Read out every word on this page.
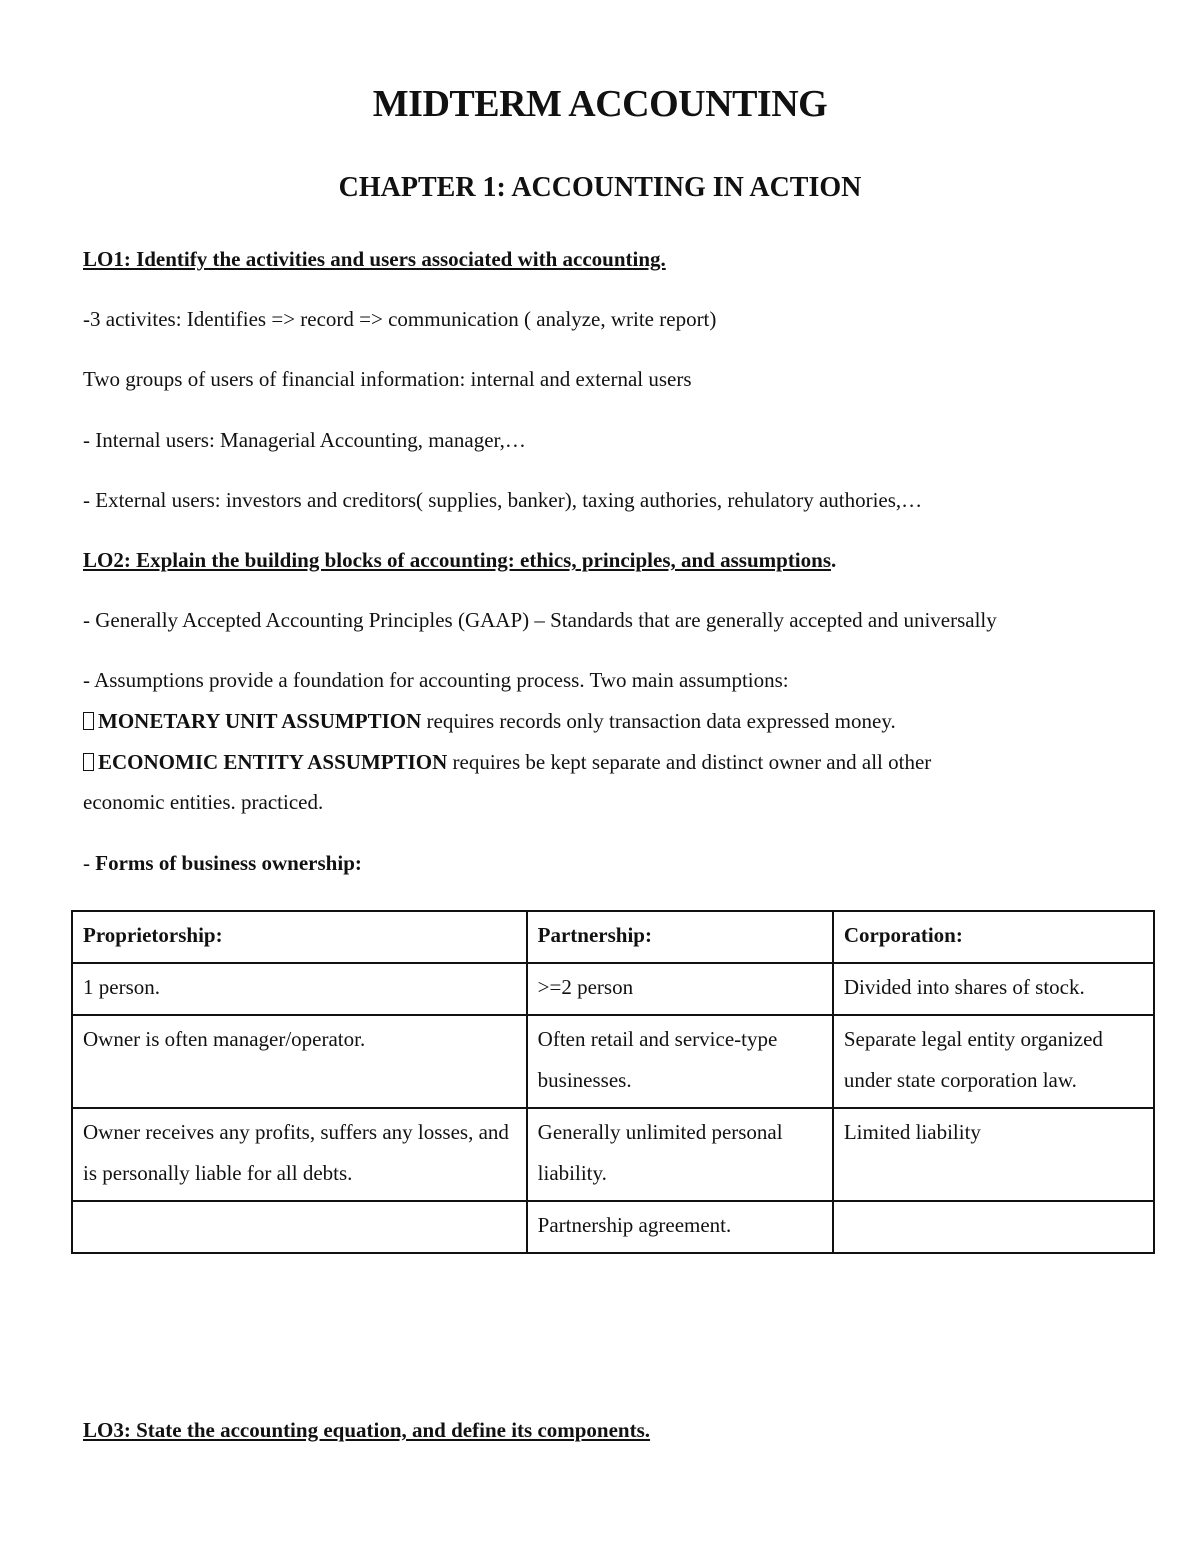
MIDTERM ACCOUNTING
CHAPTER 1: ACCOUNTING IN ACTION
LO1: Identify the activities and users associated with accounting.
-3 activites: Identifies => record => communication ( analyze, write report)
Two groups of users of financial information: internal and external users
- Internal users: Managerial Accounting, manager,…
- External users: investors and creditors( supplies, banker), taxing authories, rehulatory authories,…
LO2: Explain the building blocks of accounting: ethics, principles, and assumptions.
- Generally Accepted Accounting Principles (GAAP) – Standards that are generally accepted and universally
- Assumptions provide a foundation for accounting process. Two main assumptions:
MONETARY UNIT ASSUMPTION requires records only transaction data expressed money.
ECONOMIC ENTITY ASSUMPTION requires be kept separate and distinct owner and all other
economic entities. practiced.
- Forms of business ownership:
Proprietorship:	Partnership:	Corporation:
1 person.	>=2 person	Divided into shares of stock.
Owner is often manager/operator.	Often retail and service-type businesses.	Separate legal entity organized under state corporation law.
Owner receives any profits, suffers any losses, and is personally liable for all debts.	Generally unlimited personal liability.	Limited liability
	Partnership agreement.	
LO3: State the accounting equation, and define its components.
